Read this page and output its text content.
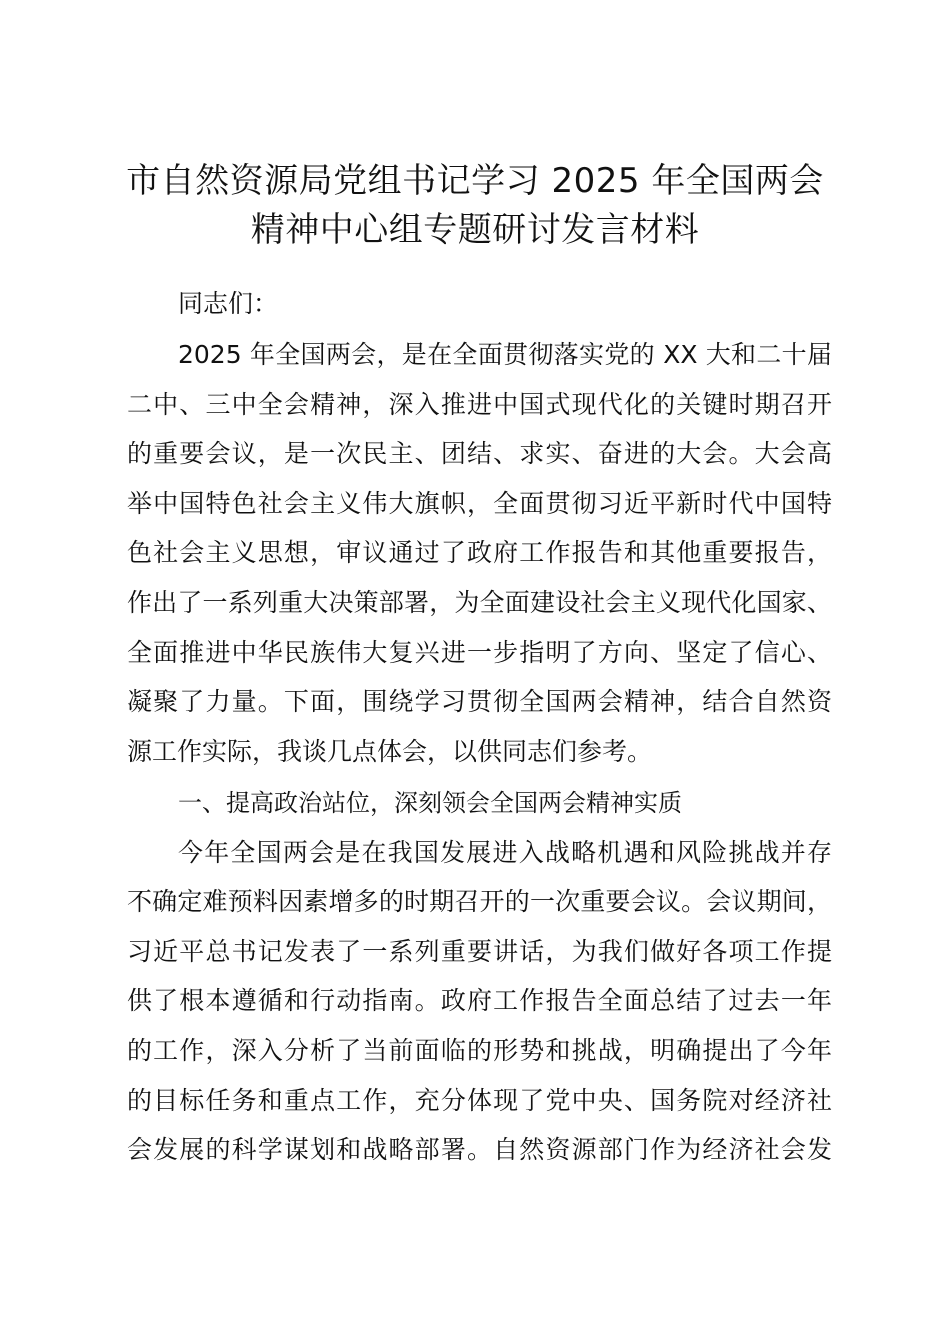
市自然资源局党组书记学习 2025 年全国两会
精神中心组专题研讨发言材料
同志们：
2025 年全国两会，是在全面贯彻落实党的 XX 大和二十届
二中、三中全会精神，深入推进中国式现代化的关键时期召开
的重要会议，是一次民主、团结、求实、奋进的大会。大会高
举中国特色社会主义伟大旗帜，全面贯彻习近平新时代中国特
色社会主义思想，审议通过了政府工作报告和其他重要报告，
作出了一系列重大决策部署，为全面建设社会主义现代化国家、
全面推进中华民族伟大复兴进一步指明了方向、坚定了信心、
凝聚了力量。下面，围绕学习贯彻全国两会精神，结合自然资
源工作实际，我谈几点体会，以供同志们参考。
一、提高政治站位，深刻领会全国两会精神实质
今年全国两会是在我国发展进入战略机遇和风险挑战并存
不确定难预料因素增多的时期召开的一次重要会议。会议期间，
习近平总书记发表了一系列重要讲话，为我们做好各项工作提
供了根本遵循和行动指南。政府工作报告全面总结了过去一年
的工作，深入分析了当前面临的形势和挑战，明确提出了今年
的目标任务和重点工作，充分体现了党中央、国务院对经济社
会发展的科学谋划和战略部署。自然资源部门作为经济社会发
